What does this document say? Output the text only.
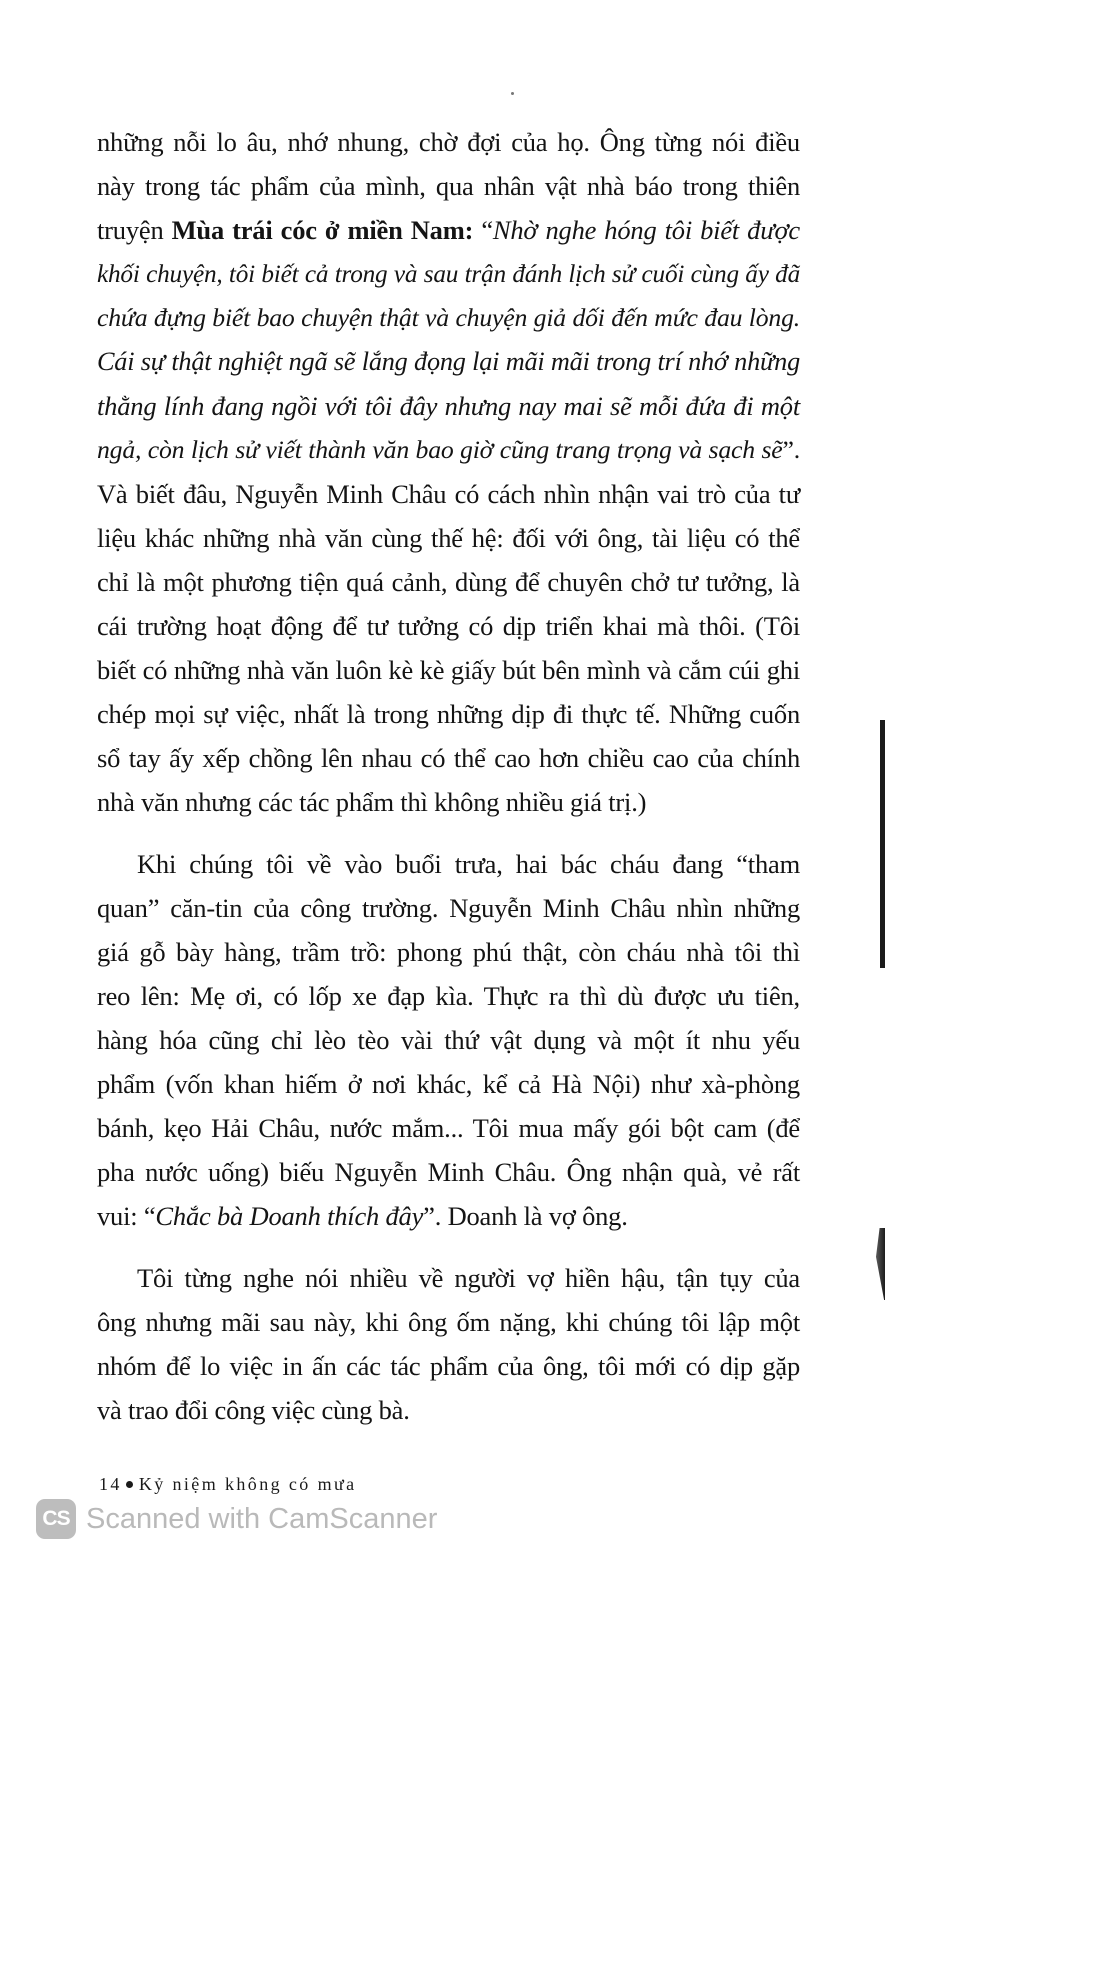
những nỗi lo âu, nhớ nhung, chờ đợi của họ. Ông từng nói điều
này trong tác phẩm của mình, qua nhân vật nhà báo trong thiên
truyện Mùa trái cóc ở miền Nam: “Nhờ nghe hóng tôi biết được
khối chuyện, tôi biết cả trong và sau trận đánh lịch sử cuối cùng ấy đã
chứa đựng biết bao chuyện thật và chuyện giả dối đến mức đau lòng.
Cái sự thật nghiệt ngã sẽ lắng đọng lại mãi mãi trong trí nhớ những
thằng lính đang ngồi với tôi đây nhưng nay mai sẽ mỗi đứa đi một
ngả, còn lịch sử viết thành văn bao giờ cũng trang trọng và sạch sẽ”.
Và biết đâu, Nguyễn Minh Châu có cách nhìn nhận vai trò của tư
liệu khác những nhà văn cùng thế hệ: đối với ông, tài liệu có thể
chỉ là một phương tiện quá cảnh, dùng để chuyên chở tư tưởng, là
cái trường hoạt động để tư tưởng có dịp triển khai mà thôi. (Tôi
biết có những nhà văn luôn kè kè giấy bút bên mình và cắm cúi ghi
chép mọi sự việc, nhất là trong những dịp đi thực tế. Những cuốn
sổ tay ấy xếp chồng lên nhau có thể cao hơn chiều cao của chính
nhà văn nhưng các tác phẩm thì không nhiều giá trị.)
Khi chúng tôi về vào buổi trưa, hai bác cháu đang “tham
quan” căn-tin của công trường. Nguyễn Minh Châu nhìn những
giá gỗ bày hàng, trầm trồ: phong phú thật, còn cháu nhà tôi thì
reo lên: Mẹ ơi, có lốp xe đạp kìa. Thực ra thì dù được ưu tiên,
hàng hóa cũng chỉ lèo tèo vài thứ vật dụng và một ít nhu yếu
phẩm (vốn khan hiếm ở nơi khác, kể cả Hà Nội) như xà-phòng
bánh, kẹo Hải Châu, nước mắm... Tôi mua mấy gói bột cam (để
pha nước uống) biếu Nguyễn Minh Châu. Ông nhận quà, vẻ rất
vui: “Chắc bà Doanh thích đây”. Doanh là vợ ông.
Tôi từng nghe nói nhiều về người vợ hiền hậu, tận tụy của
ông nhưng mãi sau này, khi ông ốm nặng, khi chúng tôi lập một
nhóm để lo việc in ấn các tác phẩm của ông, tôi mới có dịp gặp
và trao đổi công việc cùng bà.
14 Kỷ niệm không có mưa
CS Scanned with CamScanner
